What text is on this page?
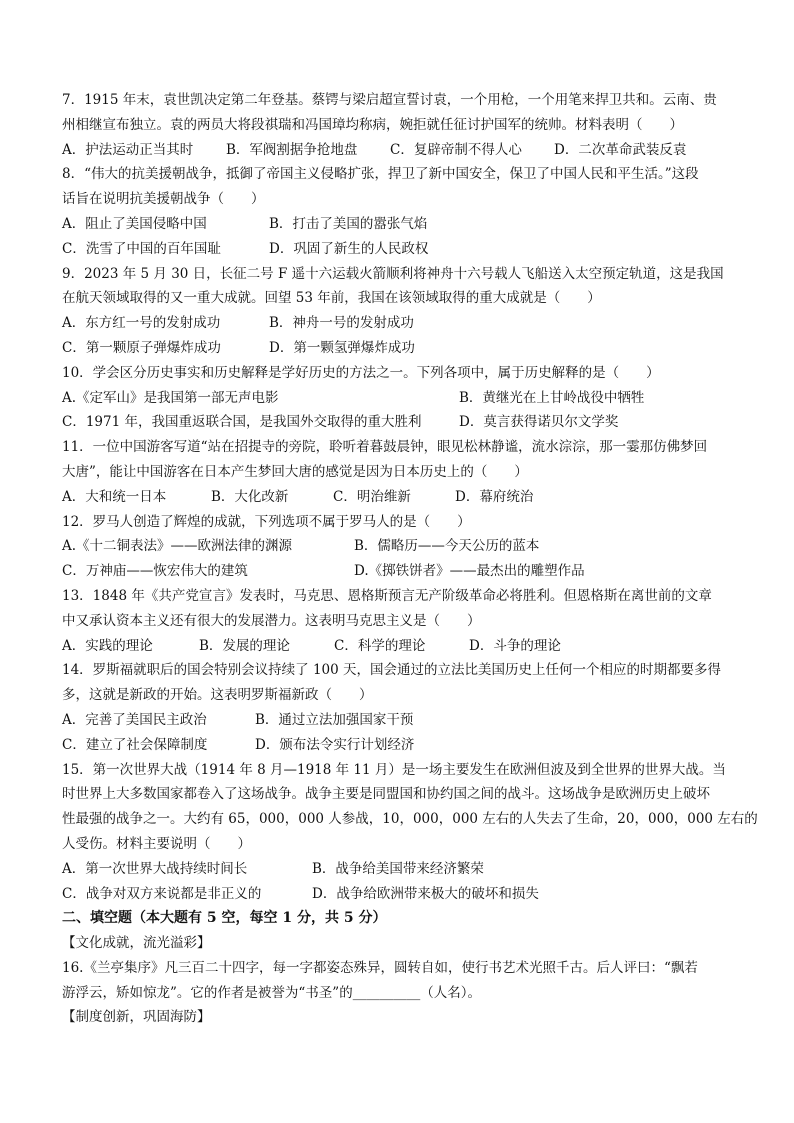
7．1915 年末，袁世凯决定第二年登基。蔡锷与梁启超宣誓讨袁，一个用枪，一个用笔来捍卫共和。云南、贵
州相继宣布独立。袁的两员大将段祺瑞和冯国璋均称病，婉拒就任征讨护国军的统帅。材料表明（　　）
A．护法运动正当其时	B．军阀割据争抢地盘	C．复辟帝制不得人心	D．二次革命武装反袁
8．“伟大的抗美援朝战争，抵御了帝国主义侵略扩张，捍卫了新中国安全，保卫了中国人民和平生活。”这段
话旨在说明抗美援朝战争（　　）
A．阻止了美国侵略中国	B．打击了美国的嚣张气焰
C．洗雪了中国的百年国耻	D．巩固了新生的人民政权
9．2023 年 5 月 30 日，长征二号 F 遥十六运载火箭顺利将神舟十六号载人飞船送入太空预定轨道，这是我国
在航天领域取得的又一重大成就。回望 53 年前，我国在该领域取得的重大成就是（　　）
A．东方红一号的发射成功	B．神舟一号的发射成功
C．第一颗原子弹爆炸成功	D．第一颗氢弹爆炸成功
10．学会区分历史事实和历史解释是学好历史的方法之一。下列各项中，属于历史解释的是（　　）
A.《定军山》是我国第一部无声电影	B．黄继光在上甘岭战役中牺牲
C．1971 年，我国重返联合国，是我国外交取得的重大胜利	D．莫言获得诺贝尔文学奖
11．一位中国游客写道“站在招提寺的旁院，聆听着暮鼓晨钟，眼见松林静谧，流水淙淙，那一霎那仿佛梦回
大唐”，能让中国游客在日本产生梦回大唐的感觉是因为日本历史上的（　　）
A．大和统一日本	B．大化改新	C．明治维新	D．幕府统治
12．罗马人创造了辉煌的成就，下列选项不属于罗马人的是（　　）
A.《十二铜表法》——欧洲法律的渊源	B．儒略历——今天公历的蓝本
C．万神庙——恢宏伟大的建筑	D.《掷铁饼者》——最杰出的雕塑作品
13．1848 年《共产党宣言》发表时，马克思、恩格斯预言无产阶级革命必将胜利。但恩格斯在离世前的文章
中又承认资本主义还有很大的发展潜力。这表明马克思主义是（　　）
A．实践的理论	B．发展的理论	C．科学的理论	D．斗争的理论
14．罗斯福就职后的国会特别会议持续了 100 天，国会通过的立法比美国历史上任何一个相应的时期都要多得
多，这就是新政的开始。这表明罗斯福新政（　　）
A．完善了美国民主政治	B．通过立法加强国家干预
C．建立了社会保障制度	D．颁布法令实行计划经济
15．第一次世界大战（1914 年 8 月—1918 年 11 月）是一场主要发生在欧洲但波及到全世界的世界大战。当
时世界上大多数国家都卷入了这场战争。战争主要是同盟国和协约国之间的战斗。这场战争是欧洲历史上破坏
性最强的战争之一。大约有 65，000，000 人参战，10，000，000 左右的人失去了生命，20，000，000 左右的
人受伤。材料主要说明（　　）
A．第一次世界大战持续时间长	B．战争给美国带来经济繁荣
C．战争对双方来说都是非正义的	D．战争给欧洲带来极大的破坏和损失
二、填空题（本大题有 5 空，每空 1 分，共 5 分）
【文化成就，流光溢彩】
16.《兰亭集序》凡三百二十四字，每一字都姿态殊异，圆转自如，使行书艺术光照千古。后人评曰：“飘若
游浮云，矫如惊龙”。它的作者是被誉为“书圣”的__________（人名）。
【制度创新，巩固海防】
